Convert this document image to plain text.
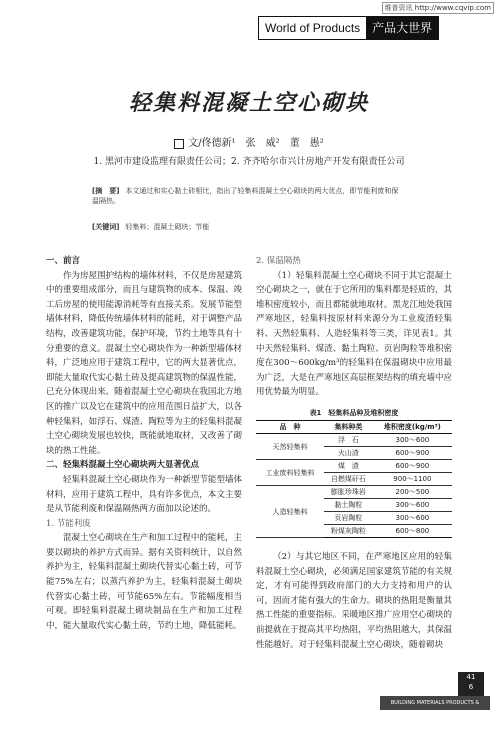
维普资讯 http://www.cqvip.com
World of Products	产品大世界
轻集料混凝土空心砌块
文/佟德新¹　张　威²　董　愚²
1. 黑河市建设监理有限责任公司；2. 齐齐哈尔市兴计房地产开发有限责任公司
[摘　要] 本文通过和实心黏土砖相比，指出了轻集料混凝土空心砌块的两大优点，即节能利废和保温隔热。
[关键词] 轻集料；混凝土砌块；节能
一、前言

作为房屋围护结构的墙体材料，不仅是房屋建筑中的重要组成部分，而且与建筑物的成本、保温、竣工后房屋的使用能源消耗等有直接关系。发展节能型墙体材料，降低传统墙体材料的能耗，对于调整产品结构，改善建筑功能，保护环境，节约土地等具有十分重要的意义。混凝土空心砌块作为一种新型墙体材料，广泛地应用于建筑工程中，它的两大显著优点，即能大量取代实心黏土砖及提高建筑物的保温性能，已充分体现出来。随着混凝土空心砌块在我国北方地区的推广以及它在建筑中的应用范围日益扩大，以各种轻集料，如浮石、煤渣、陶粒等为主的轻集料混凝土空心砌块发展也较快，既能就地取材，又改善了砌块的热工性能。

二、轻集料混凝土空心砌块两大显著优点

轻集料混凝土空心砌块作为一种新型节能型墙体材料，应用于建筑工程中，具有许多优点，本文主要是从节能利废和保温隔热两方面加以论述的。

1. 节能利废

混凝土空心砌块在生产和加工过程中的能耗，主要以砌块的养护方式而异。据有关资料统计，以自然养护为主，轻集料混凝土砌块代替实心黏土砖，可节能75%左右；以蒸汽养护为主，轻集料混凝土砌块代替实心黏土砖，可节能65%左右。节能幅度相当可观。即轻集料混凝土砌块制品在生产和加工过程中，能大量取代实心黏土砖，节约土地，降低能耗。

2. 保温隔热

（1）轻集料混凝土空心砌块不同于其它混凝土空心砌块之一，就在于它所用的集料都是轻质的，其堆积密度较小，而且都能就地取材。黑龙江地处我国严寒地区，轻集料按原材料来源分为工业废渣轻集料、天然轻集料、人造轻集料等三类，详见表1。其中天然轻集料、煤渣、黏土陶粒、页岩陶粒等堆积密度在300～600kg/m³的轻集料在保温砌块中应用最为广泛，大是在严寒地区高层框架结构的填充墙中应用优势最为明显。

表1　轻集料品种及堆积密度
品　种	集料种类	堆积密度(kg/m³)
天然轻集料	浮　石	300～600
	火山渣	600～900
工业废料轻集料	煤　渣	600～900
	自燃煤矸石	900～1100
人造轻集料	膨胀珍珠岩	200～500
	黏土陶粒	300～600
	页岩陶粒	300～600
	粉煤灰陶粒	600～800

（2）与其它地区不同，在严寒地区应用的轻集料混凝土空心砌块，必须满足国家建筑节能的有关规定，才有可能得到政府部门的大力支持和用户的认可，因而才能有强大的生命力。砌块的热阻是衡量其热工性能的重要指标。采暖地区推广应用空心砌块的前提就在于提高其平均热阻，平均热阻越大，其保温性能越好。对于轻集料混凝土空心砌块，随着砌块

41
6
BUILDING MATERIALS PRODUCTS & APPLICATION 2000
